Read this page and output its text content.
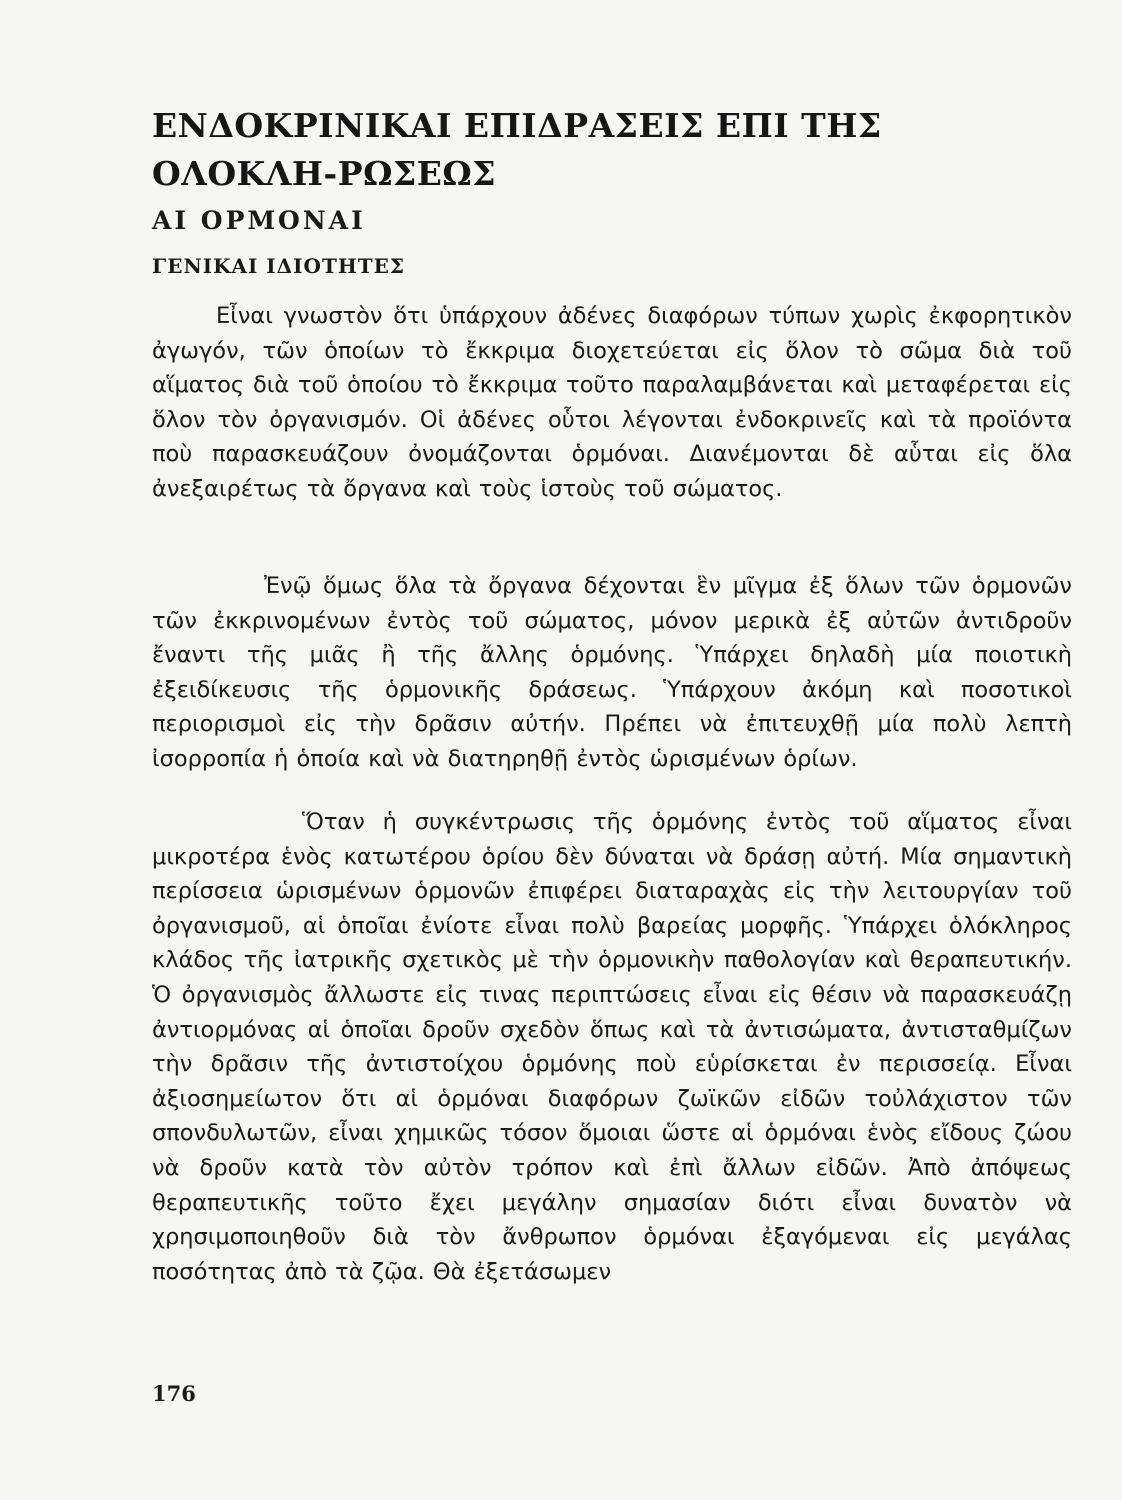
ΕΝΔΟΚΡΙΝΙΚΑΙ ΕΠΙΔΡΑΣΕΙΣ ΕΠΙ ΤΗΣ ΟΛΟΚΛΗ-ΡΩΣΕΩΣ
ΑΙ ΟΡΜΟΝΑΙ
ΓΕΝΙΚΑΙ ΙΔΙΟΤΗΤΕΣ

Εἶναι γνωστὸν ὅτι ὑπάρχουν ἀδένες διαφόρων τύπων χωρὶς ἐκφορητικὸν ἀγωγόν, τῶν ὁποίων τὸ ἔκκριμα διοχετεύεται εἰς ὅλον τὸ σῶμα διὰ τοῦ αἵματος διὰ τοῦ ὁποίου τὸ ἔκκριμα τοῦτο παραλαμβάνεται καὶ μεταφέρεται εἰς ὅλον τὸν ὀργανισμόν. Οἱ ἀδένες οὗτοι λέγονται ἐνδοκρινεῖς καὶ τὰ προϊόντα ποὺ παρασκευάζουν ὀνομάζονται ὁρμόναι. Διανέμονται δὲ αὗται εἰς ὅλα ἀνεξαιρέτως τὰ ὄργανα καὶ τοὺς ἱστοὺς τοῦ σώματος.

Ἐνῷ ὅμως ὅλα τὰ ὄργανα δέχονται ἓν μῖγμα ἐξ ὅλων τῶν ὁρμονῶν τῶν ἐκκρινομένων ἐντὸς τοῦ σώματος, μόνον μερικὰ ἐξ αὐτῶν ἀντιδροῦν ἔναντι τῆς μιᾶς ἢ τῆς ἄλλης ὁρμόνης. Ὑπάρχει δηλαδὴ μία ποιοτικὴ ἐξειδίκευσις τῆς ὁρμονικῆς δράσεως. Ὑπάρχουν ἀκόμη καὶ ποσοτικοὶ περιορισμοὶ εἰς τὴν δρᾶσιν αὐτήν. Πρέπει νὰ ἐπιτευχθῇ μία πολὺ λεπτὴ ἰσορροπία ἡ ὁποία καὶ νὰ διατηρηθῇ ἐντὸς ὡρισμένων ὁρίων.

Ὅταν ἡ συγκέντρωσις τῆς ὁρμόνης ἐντὸς τοῦ αἵματος εἶναι μικροτέρα ἑνὸς κατωτέρου ὁρίου δὲν δύναται νὰ δράσῃ αὐτή. Μία σημαντικὴ περίσσεια ὡρισμένων ὁρμονῶν ἐπιφέρει διαταραχὰς εἰς τὴν λειτουργίαν τοῦ ὀργανισμοῦ, αἱ ὁποῖαι ἐνίοτε εἶναι πολὺ βαρείας μορφῆς. Ὑπάρχει ὁλόκληρος κλάδος τῆς ἰατρικῆς σχετικὸς μὲ τὴν ὁρμονικὴν παθολογίαν καὶ θεραπευτικήν. Ὁ ὀργανισμὸς ἄλλωστε εἰς τινας περιπτώσεις εἶναι εἰς θέσιν νὰ παρασκευάζῃ ἀντιορμόνας αἱ ὁποῖαι δροῦν σχεδὸν ὅπως καὶ τὰ ἀντισώματα, ἀντισταθμίζων τὴν δρᾶσιν τῆς ἀντιστοίχου ὁρμόνης ποὺ εὑρίσκεται ἐν περισσείᾳ. Εἶναι ἀξιοσημείωτον ὅτι αἱ ὁρμόναι διαφόρων ζωϊκῶν εἰδῶν τοὐλάχιστον τῶν σπονδυλωτῶν, εἶναι χημικῶς τόσον ὅμοιαι ὥστε αἱ ὁρμόναι ἑνὸς εἴδους ζώου νὰ δροῦν κατὰ τὸν αὐτὸν τρόπον καὶ ἐπὶ ἄλλων εἰδῶν. Ἀπὸ ἀπόψεως θεραπευτικῆς τοῦτο ἔχει μεγάλην σημασίαν διότι εἶναι δυνατὸν νὰ χρησιμοποιηθοῦν διὰ τὸν ἄνθρωπον ὁρμόναι ἐξαγόμεναι εἰς μεγάλας ποσότητας ἀπὸ τὰ ζῷα. Θὰ ἐξετάσωμεν

176
